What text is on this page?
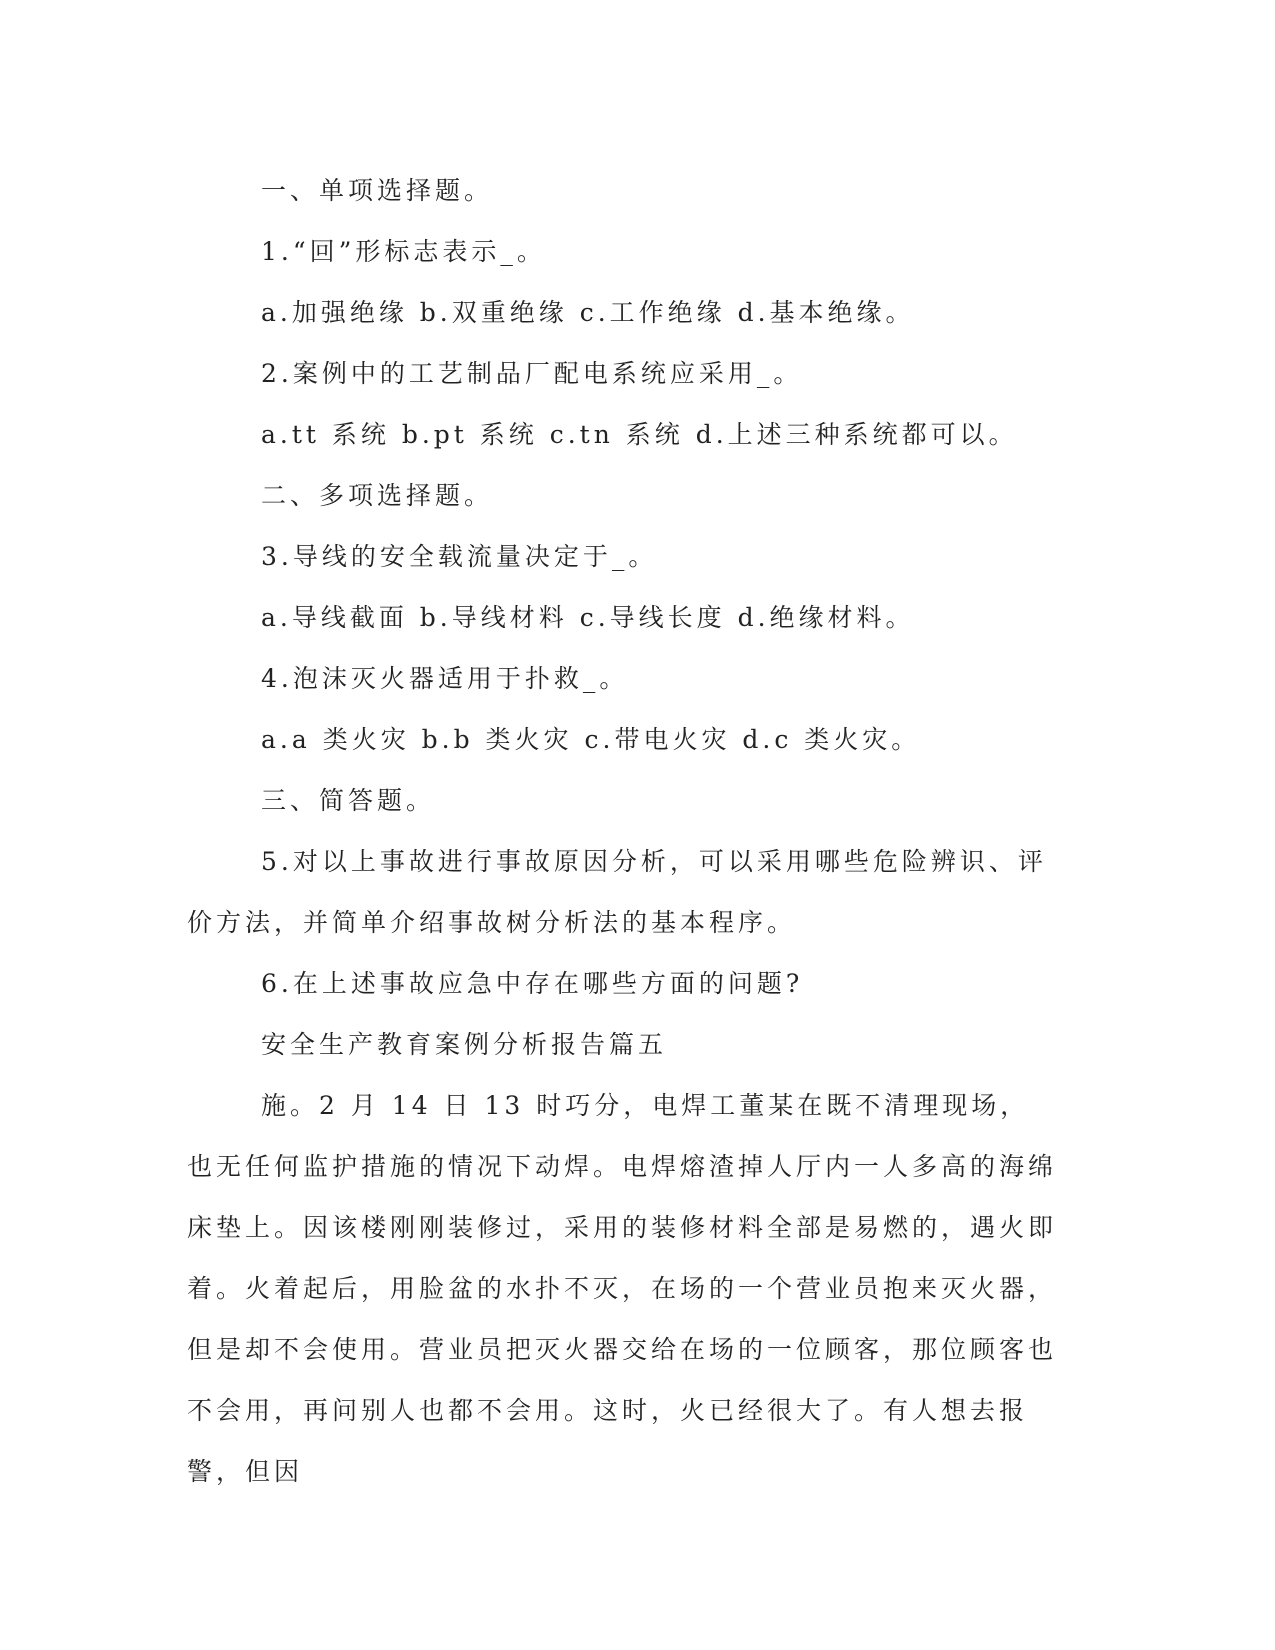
一、单项选择题。

1.“回”形标志表示_。

a.加强绝缘 b.双重绝缘 c.工作绝缘 d.基本绝缘。

2.案例中的工艺制品厂配电系统应采用_。

a.tt 系统 b.pt 系统 c.tn 系统 d.上述三种系统都可以。

二、多项选择题。

3.导线的安全载流量决定于_。

a.导线截面 b.导线材料 c.导线长度 d.绝缘材料。

4.泡沫灭火器适用于扑救_。

a.a 类火灾 b.b 类火灾 c.带电火灾 d.c 类火灾。

三、简答题。

5.对以上事故进行事故原因分析，可以采用哪些危险辨识、评价方法，并简单介绍事故树分析法的基本程序。

6.在上述事故应急中存在哪些方面的问题?

安全生产教育案例分析报告篇五

施。2 月 14 日 13 时巧分，电焊工董某在既不清理现场，也无任何监护措施的情况下动焊。电焊熔渣掉人厅内一人多高的海绵床垫上。因该楼刚刚装修过，采用的装修材料全部是易燃的，遇火即着。火着起后，用脸盆的水扑不灭，在场的一个营业员抱来灭火器，但是却不会使用。营业员把灭火器交给在场的一位顾客，那位顾客也不会用，再问别人也都不会用。这时，火已经很大了。有人想去报警，但因
